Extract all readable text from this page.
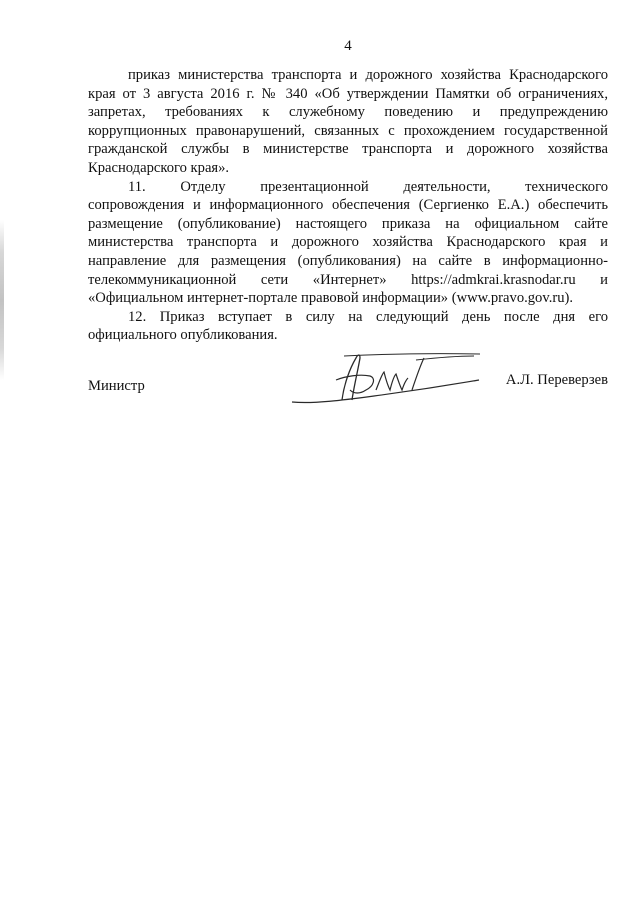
4
приказ министерства транспорта и дорожного хозяйства Краснодарского
края от 3 августа 2016 г. № 340 «Об утверждении Памятки об ограничениях,
запретах, требованиях к служебному поведению и предупреждению
коррупционных правонарушений, связанных с прохождением государственной
гражданской службы в министерстве транспорта и дорожного хозяйства
Краснодарского края».
11. Отделу презентационной деятельности, технического
сопровождения и информационного обеспечения (Сергиенко Е.А.) обеспечить
размещение (опубликование) настоящего приказа на официальном сайте
министерства транспорта и дорожного хозяйства Краснодарского края и
направление для размещения (опубликования) на сайте в информационно-
телекоммуникационной сети «Интернет» https://admkrai.krasnodar.ru и
«Официальном интернет-портале правовой информации» (www.pravo.gov.ru).
12. Приказ вступает в силу на следующий день после дня его
официального опубликования.
Министр	А.Л. Переверзев
